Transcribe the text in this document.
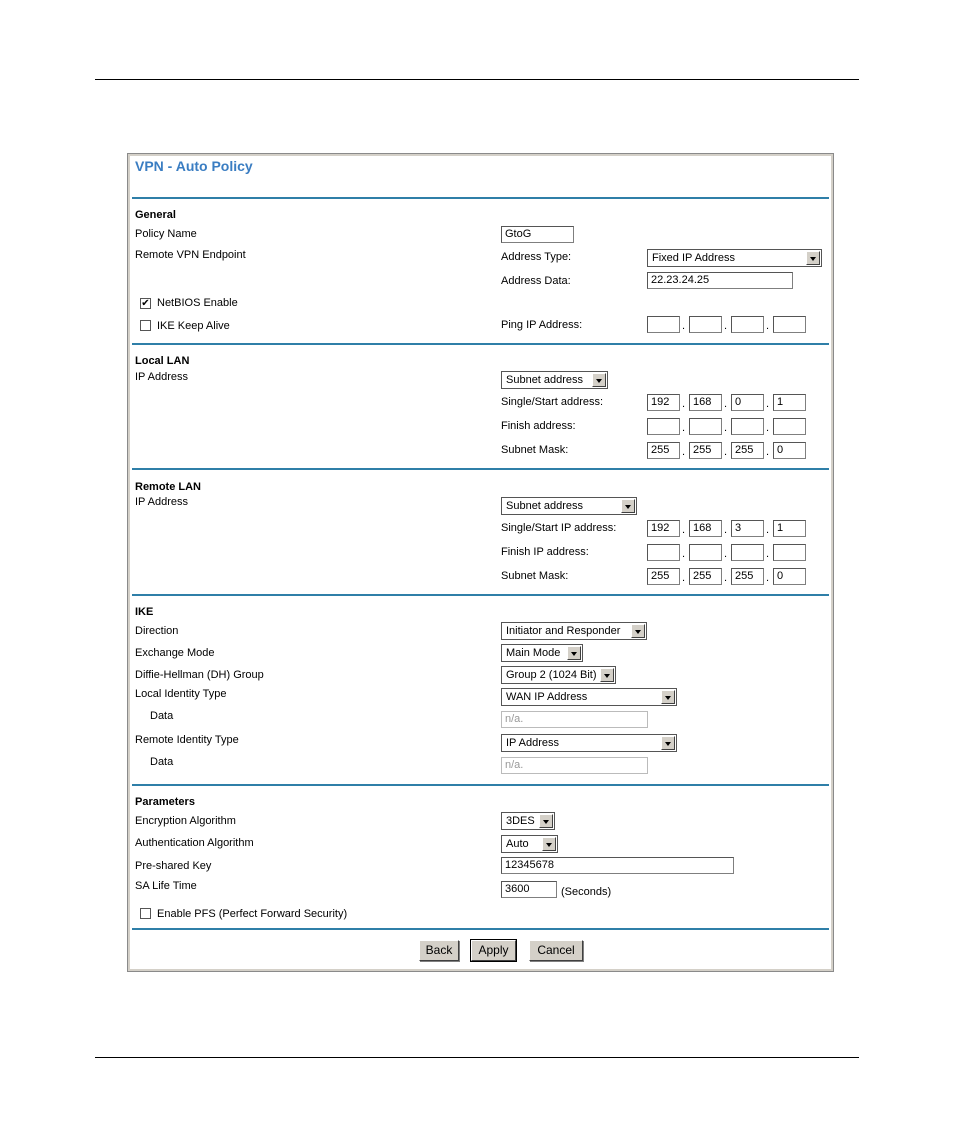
VPN - Auto Policy
General
Policy Name	GtoG
Remote VPN Endpoint	Address Type:	Fixed IP Address
Address Data:	22.23.24.25
✔ NetBIOS Enable
IKE Keep Alive	Ping IP Address:	.	.	.
Local LAN
IP Address	Subnet address
Single/Start address:	192	. 168	. 0	. 1
Finish address:	.	.	.
Subnet Mask:	255	. 255	. 255	. 0
Remote LAN
IP Address	Subnet address
Single/Start IP address:	192	. 168	. 3	. 1
Finish IP address:	.	.	.
Subnet Mask:	255	. 255	. 255	. 0
IKE
Direction	Initiator and Responder
Exchange Mode	Main Mode
Diffie-Hellman (DH) Group	Group 2 (1024 Bit)
Local Identity Type	WAN IP Address
Data	n/a.
Remote Identity Type	IP Address
Data	n/a.
Parameters
Encryption Algorithm	3DES
Authentication Algorithm	Auto
Pre-shared Key	12345678
SA Life Time	3600	(Seconds)
Enable PFS (Perfect Forward Security)
Back	Apply	Cancel
